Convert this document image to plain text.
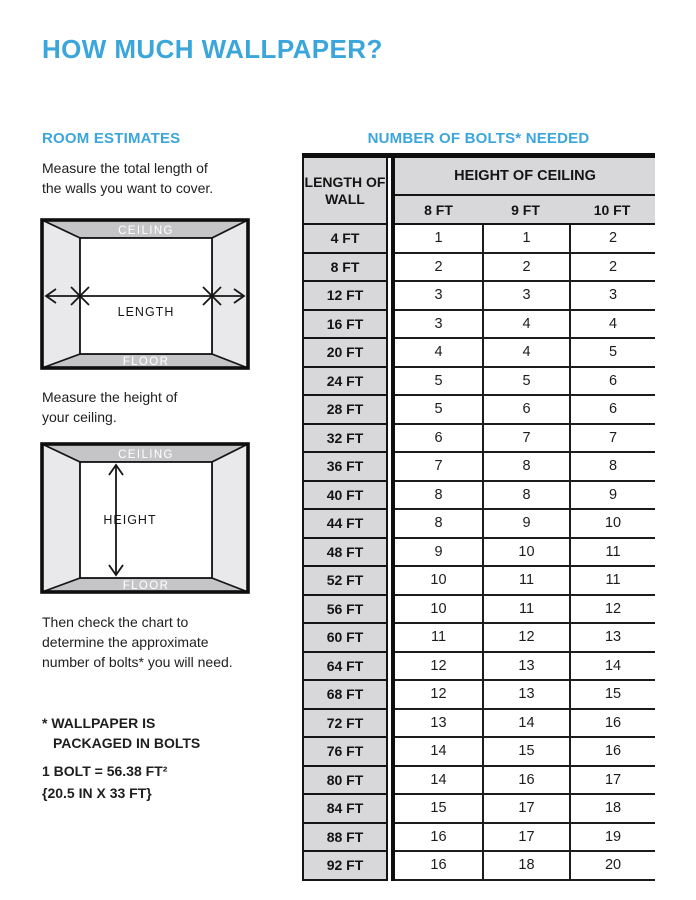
HOW MUCH WALLPAPER?
ROOM ESTIMATES
Measure the total length of
the walls you want to cover.
CEILING
FLOOR
LENGTH
Measure the height of
your ceiling.
CEILING
FLOOR
HEIGHT
Then check the chart to
determine the approximate
number of bolts* you will need.
* WALLPAPER IS
PACKAGED IN BOLTS
1 BOLT = 56.38 FT²
{20.5 IN X 33 FT}
NUMBER OF BOLTS* NEEDED
LENGTH OF WALL		HEIGHT OF CEILING		
		8 FT	9 FT	10 FT
4 FT		1	1	2
8 FT		2	2	2
12 FT		3	3	3
16 FT		3	4	4
20 FT		4	4	5
24 FT		5	5	6
28 FT		5	6	6
32 FT		6	7	7
36 FT		7	8	8
40 FT		8	8	9
44 FT		8	9	10
48 FT		9	10	11
52 FT		10	11	11
56 FT		10	11	12
60 FT		11	12	13
64 FT		12	13	14
68 FT		12	13	15
72 FT		13	14	16
76 FT		14	15	16
80 FT		14	16	17
84 FT		15	17	18
88 FT		16	17	19
92 FT		16	18	20
